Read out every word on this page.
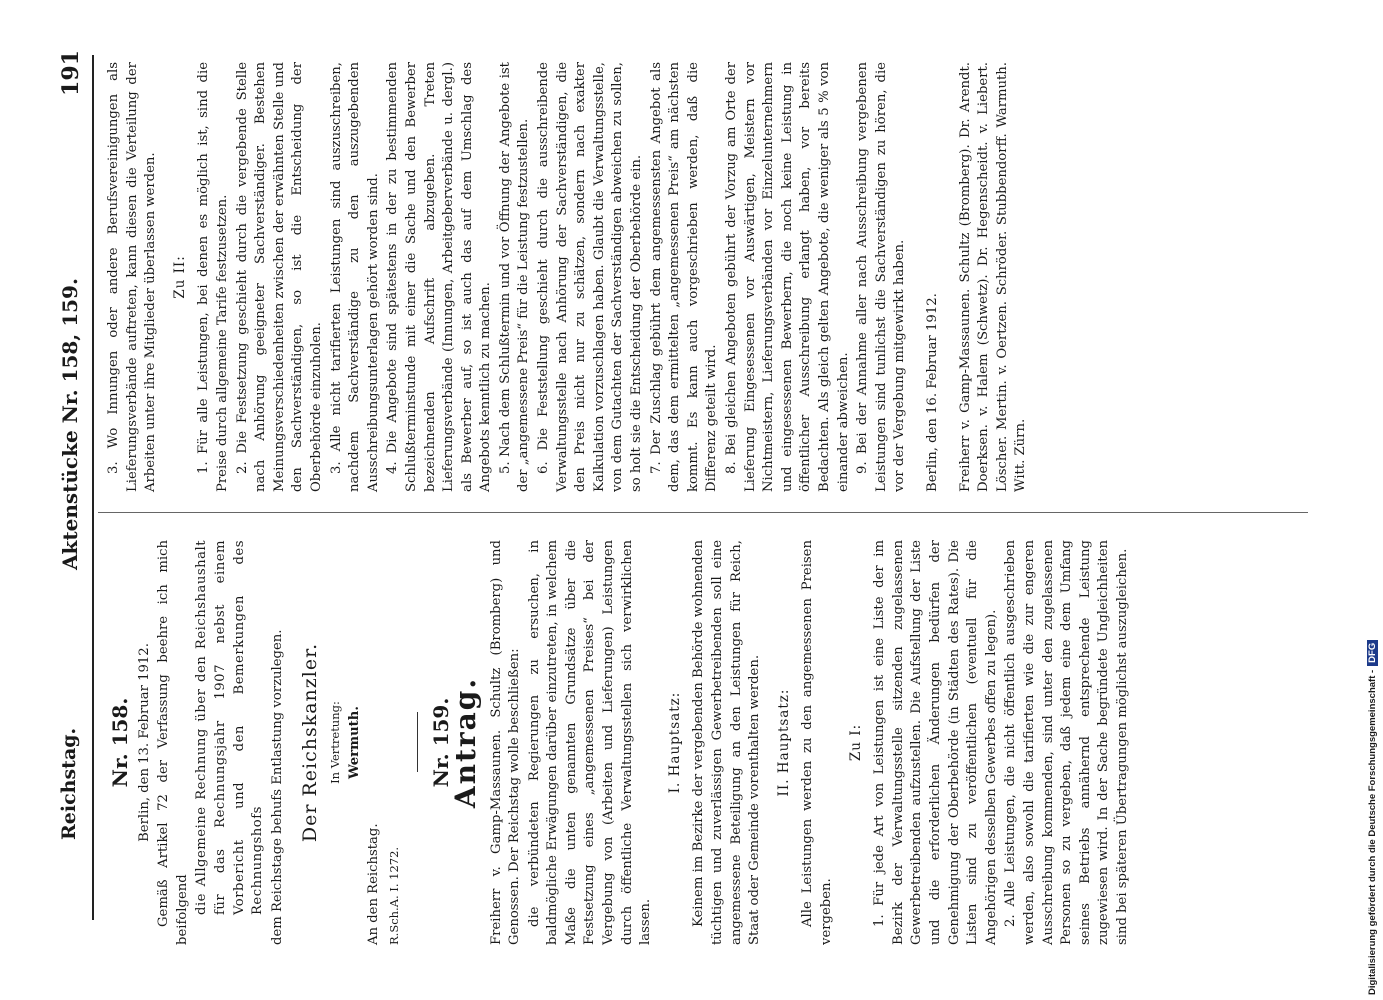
Reichstag.
Aktenstücke Nr. 158, 159.
191
Nr. 158. Berlin, den 13. Februar 1912. Gemäß Artikel 72 der Verfassung beehre ich mich beifolgend die Allgemeine Rechnung über den Reichshaushalt für das Rechnungsjahr 1907 nebst einem Vorbericht und den Bemerkungen des Rechnungshofs dem Reichstage behufs Entlastung vorzulegen. Der Reichskanzler. In Vertretung: Wermuth.

An den Reichstag. R.Sch.A. I. 1272.

Nr. 159.
Antrag. Freiherr v. Gamp-Massaunen. Schultz (Bromberg) und Genossen. Der Reichstag wolle beschließen: die verbündeten Regierungen zu ersuchen, in baldmögliche Erwägungen darüber einzutreten, in welchem Maße die unten genannten Grundsätze über die Festsetzung eines „angemessenen Preises“ bei der Vergebung von (Arbeiten und Lieferungen) Leistungen durch öffentliche Verwaltungsstellen sich verwirklichen lassen.

I. Hauptsatz: Keinem im Bezirke der vergebenden Behörde wohnenden tüchtigen und zuverlässigen Gewerbetreibenden soll eine angemessene Beteiligung an den Leistungen für Reich, Staat oder Gemeinde vorenthalten werden. II. Hauptsatz: Alle Leistungen werden zu den angemessenen Preisen vergeben.

Zu I: 1. Für jede Art von Leistungen ist eine Liste der im Bezirk der Verwaltungsstelle sitzenden zugelassenen Gewerbetreibenden aufzustellen. Die Aufstellung der Liste und die erforderlichen Änderungen bedürfen der Genehmigung der Oberbehörde (in Städten des Rates). Die Listen sind zu veröffentlichen (eventuell für die Angehörigen desselben Gewerbes offen zu legen). 2. Alle Leistungen, die nicht öffentlich ausgeschrieben werden, also sowohl die tarifierten wie die zur engeren Ausschreibung kommenden, sind unter den zugelassenen Personen so zu vergeben, daß jedem eine dem Umfang seines Betriebs annähernd entsprechende Leistung zugewiesen wird. In der Sache begründete Ungleichheiten sind bei späteren Übertragungen möglichst auszugleichen.

3. Wo Innungen oder andere Berufsvereinigungen als Lieferungsverbände auftreten, kann diesen die Verteilung der Arbeiten unter ihre Mitglieder überlassen werden. Zu II: 1. Für alle Leistungen, bei denen es möglich ist, sind die Preise durch allgemeine Tarife festzusetzen. 2. Die Festsetzung geschieht durch die vergebende Stelle nach Anhörung geeigneter Sachverständiger. Bestehen Meinungsverschiedenheiten zwischen der erwähnten Stelle und den Sachverständigen, so ist die Entscheidung der Oberbehörde einzuholen. 3. Alle nicht tarifierten Leistungen sind auszuschreiben, nachdem Sachverständige zu den auszugebenden Ausschreibungsunterlagen gehört worden sind. 4. Die Angebote sind spätestens in der zu bestimmenden Schlußterminstunde mit einer die Sache und den Bewerber bezeichnenden Aufschrift abzugeben. Treten Lieferungsverbände (Innungen, Arbeitgeberverbände u. dergl.) als Bewerber auf, so ist auch das auf dem Umschlag des Angebots kenntlich zu machen. 5. Nach dem Schlußtermin und vor Öffnung der Angebote ist der „angemessene Preis“ für die Leistung festzustellen. 6. Die Feststellung geschieht durch die ausschreibende Verwaltungsstelle nach Anhörung der Sachverständigen, die den Preis nicht nur zu schätzen, sondern nach exakter Kalkulation vorzuschlagen haben. Glaubt die Verwaltungsstelle, von dem Gutachten der Sachverständigen abweichen zu sollen, so holt sie die Entscheidung der Oberbehörde ein. 7. Der Zuschlag gebührt dem angemessensten Angebot als dem, das dem ermittelten „angemessenen Preis“ am nächsten kommt. Es kann auch vorgeschrieben werden, daß die Differenz geteilt wird. 8. Bei gleichen Angeboten gebührt der Vorzug am Orte der Lieferung Eingesessenen vor Auswärtigen, Meistern vor Nichtmeistern, Lieferungsverbänden vor Einzelunternehmern und eingesessenen Bewerbern, die noch keine Leistung in öffentlicher Ausschreibung erlangt haben, vor bereits Bedachten. Als gleich gelten Angebote, die weniger als 5 % von einander abweichen. 9. Bei der Annahme aller nach Ausschreibung vergebenen Leistungen sind tunlichst die Sachverständigen zu hören, die vor der Vergebung mitgewirkt haben. Berlin, den 16. Februar 1912. Freiherr v. Gamp-Massaunen. Schultz (Bromberg). Dr. Arendt. Doerksen. v. Halem (Schwetz). Dr. Hegenscheidt. v. Liebert. Löscher. Mertin. v. Oertzen. Schröder. Stubbendorff. Warmuth. Witt. Zürn.

Digitalisierung gefördert durch die Deutsche Forschungsgemeinschaft -DFG
